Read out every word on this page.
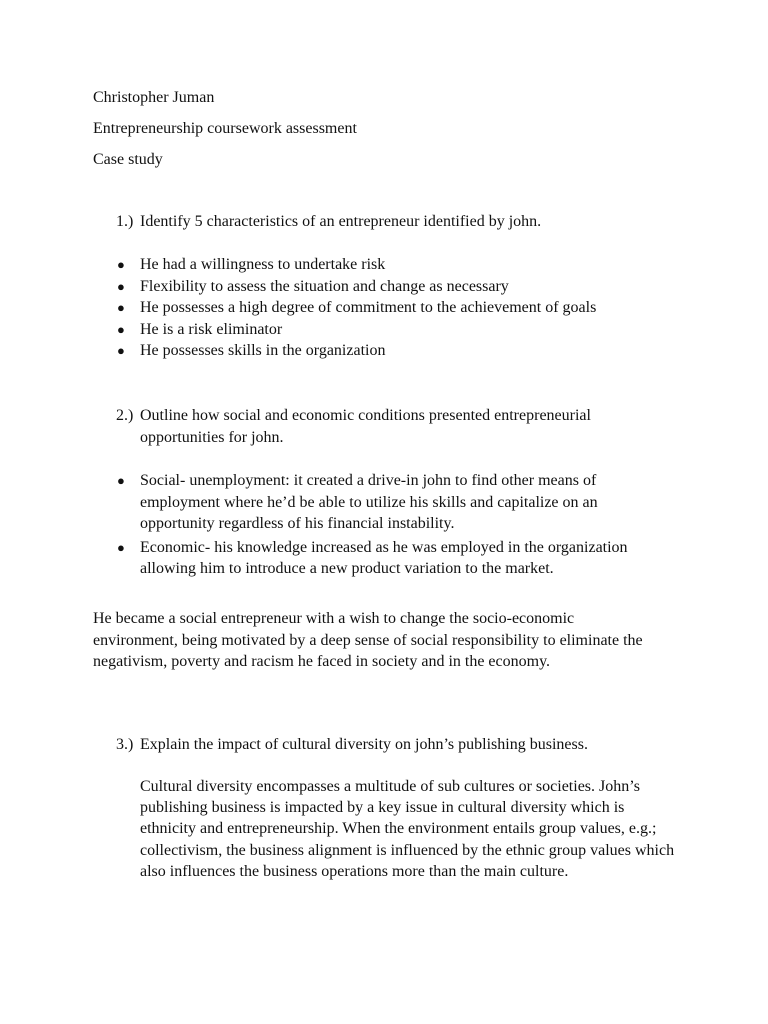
Christopher Juman
Entrepreneurship coursework assessment
Case study
1.) Identify 5 characteristics of an entrepreneur identified by john.
● He had a willingness to undertake risk
● Flexibility to assess the situation and change as necessary
● He possesses a high degree of commitment to the achievement of goals
● He is a risk eliminator
● He possesses skills in the organization
2.) Outline how social and economic conditions presented entrepreneurial opportunities for john.
● Social- unemployment: it created a drive-in john to find other means of employment where he’d be able to utilize his skills and capitalize on an opportunity regardless of his financial instability.
● Economic- his knowledge increased as he was employed in the organization allowing him to introduce a new product variation to the market.
He became a social entrepreneur with a wish to change the socio-economic environment, being motivated by a deep sense of social responsibility to eliminate the negativism, poverty and racism he faced in society and in the economy.
3.) Explain the impact of cultural diversity on john’s publishing business.
Cultural diversity encompasses a multitude of sub cultures or societies. John’s publishing business is impacted by a key issue in cultural diversity which is ethnicity and entrepreneurship. When the environment entails group values, e.g.; collectivism, the business alignment is influenced by the ethnic group values which also influences the business operations more than the main culture.
